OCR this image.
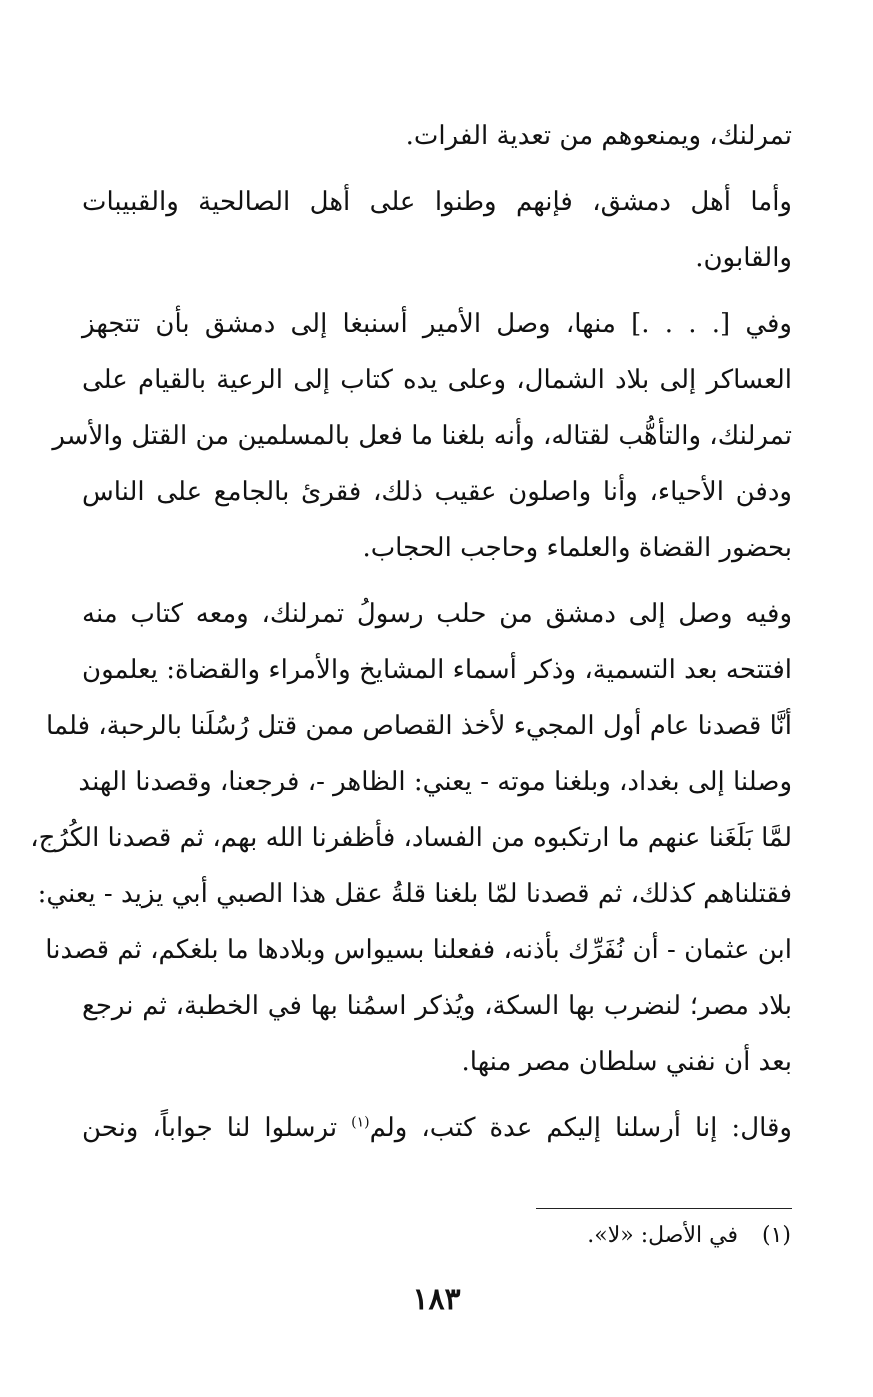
تمرلنك، ويمنعوهم من تعدية الفرات.
وأما أهل دمشق، فإنهم وطنوا على أهل الصالحية والقبيبات
والقابون.
وفي [. . . .] منها، وصل الأمير أسنبغا إلى دمشق بأن تتجهز
العساكر إلى بلاد الشمال، وعلى يده كتاب إلى الرعية بالقيام على
تمرلنك، والتأهُّب لقتاله، وأنه بلغنا ما فعل بالمسلمين من القتل والأسر
ودفن الأحياء، وأنا واصلون عقيب ذلك، فقرئ بالجامع على الناس
بحضور القضاة والعلماء وحاجب الحجاب.
وفيه وصل إلى دمشق من حلب رسولُ تمرلنك، ومعه كتاب منه
افتتحه بعد التسمية، وذكر أسماء المشايخ والأمراء والقضاة: يعلمون
أنَّا قصدنا عام أول المجيء لأخذ القصاص ممن قتل رُسُلَنا بالرحبة، فلما
وصلنا إلى بغداد، وبلغنا موته - يعني: الظاهر -، فرجعنا، وقصدنا الهند
لمَّا بَلَغَنا عنهم ما ارتكبوه من الفساد، فأظفرنا الله بهم، ثم قصدنا الكُرُج،
فقتلناهم كذلك، ثم قصدنا لمّا بلغنا قلةُ عقل هذا الصبي أبي يزيد - يعني:
ابن عثمان - أن نُفَرِّك بأذنه، ففعلنا بسيواس وبلادها ما بلغكم، ثم قصدنا
بلاد مصر؛ لنضرب بها السكة، ويُذكر اسمُنا بها في الخطبة، ثم نرجع
بعد أن نفني سلطان مصر منها.
وقال: إنا أرسلنا إليكم عدة كتب، ولم$^{(١)}$ ترسلوا لنا جواباً، ونحن
(١)في الأصل: «لا».
١٨٣
